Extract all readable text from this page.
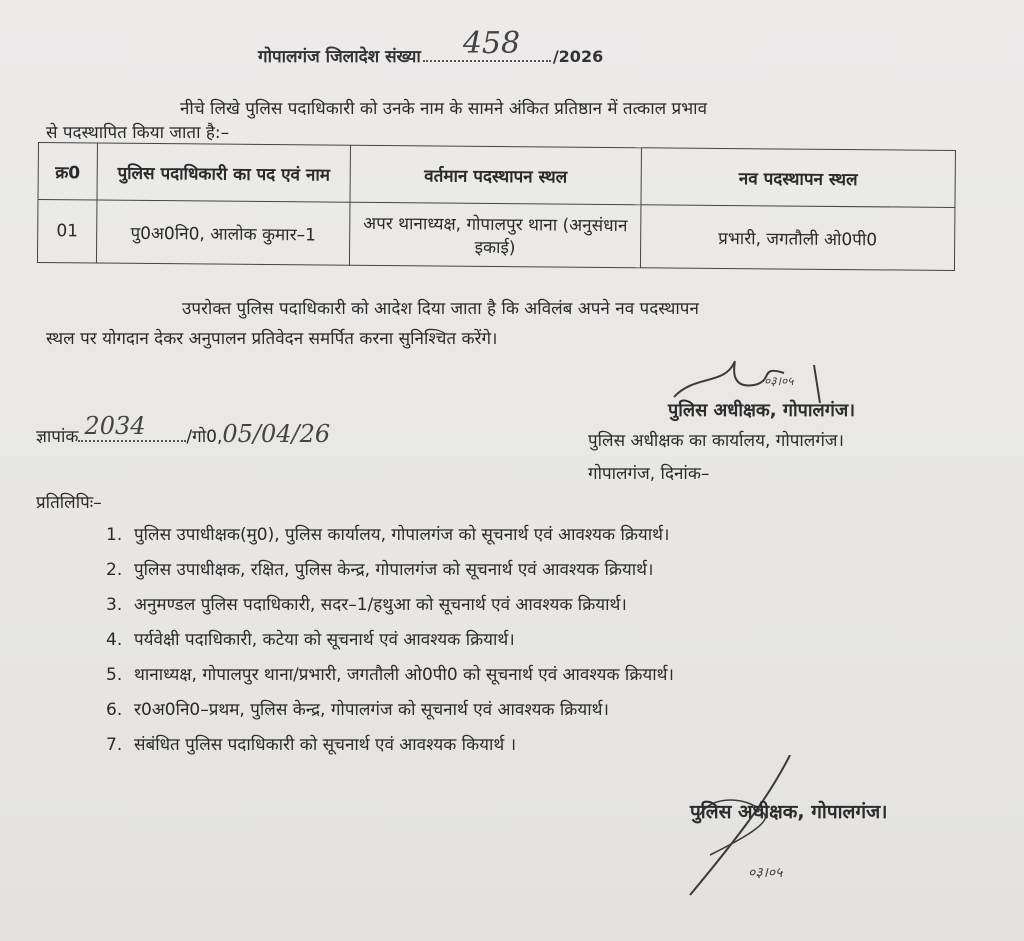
गोपालगंज जिलादेश संख्या 458 /2026
नीचे लिखे पुलिस पदाधिकारी को उनके नाम के सामने अंकित प्रतिष्ठान में तत्काल प्रभाव
से पदस्थापित किया जाता है:–
क्र0	पुलिस पदाधिकारी का पद एवं नाम	वर्तमान पदस्थापन स्थल	नव पदस्थापन स्थल
01	पु0अ0नि0, आलोक कुमार–1	अपर थानाध्यक्ष, गोपालपुर थाना (अनुसंधान इकाई)	प्रभारी, जगतौली ओ0पी0
उपरोक्त पुलिस पदाधिकारी को आदेश दिया जाता है कि अविलंब अपने नव पदस्थापन
स्थल पर योगदान देकर अनुपालन प्रतिवेदन समर्पित करना सुनिश्चित करेंगे।
०३।०५
पुलिस अधीक्षक, गोपालगंज।
पुलिस अधीक्षक का कार्यालय, गोपालगंज।
गोपालगंज, दिनांक–
ज्ञापांक 2034 /गो0,05/04/26
प्रतिलिपिः–
1. पुलिस उपाधीक्षक(मु0), पुलिस कार्यालय, गोपालगंज को सूचनार्थ एवं आवश्यक क्रियार्थ।
2. पुलिस उपाधीक्षक, रक्षित, पुलिस केन्द्र, गोपालगंज को सूचनार्थ एवं आवश्यक क्रियार्थ।
3. अनुमण्डल पुलिस पदाधिकारी, सदर–1/हथुआ को सूचनार्थ एवं आवश्यक क्रियार्थ।
4. पर्यवेक्षी पदाधिकारी, कटेया को सूचनार्थ एवं आवश्यक क्रियार्थ।
5. थानाध्यक्ष, गोपालपुर थाना/प्रभारी, जगतौली ओ0पी0 को सूचनार्थ एवं आवश्यक क्रियार्थ।
6. र0अ0नि0–प्रथम, पुलिस केन्द्र, गोपालगंज को सूचनार्थ एवं आवश्यक क्रियार्थ।
7. संबंधित पुलिस पदाधिकारी को सूचनार्थ एवं आवश्यक कियार्थ ।
०३।०५
पुलिस अधीक्षक, गोपालगंज।
